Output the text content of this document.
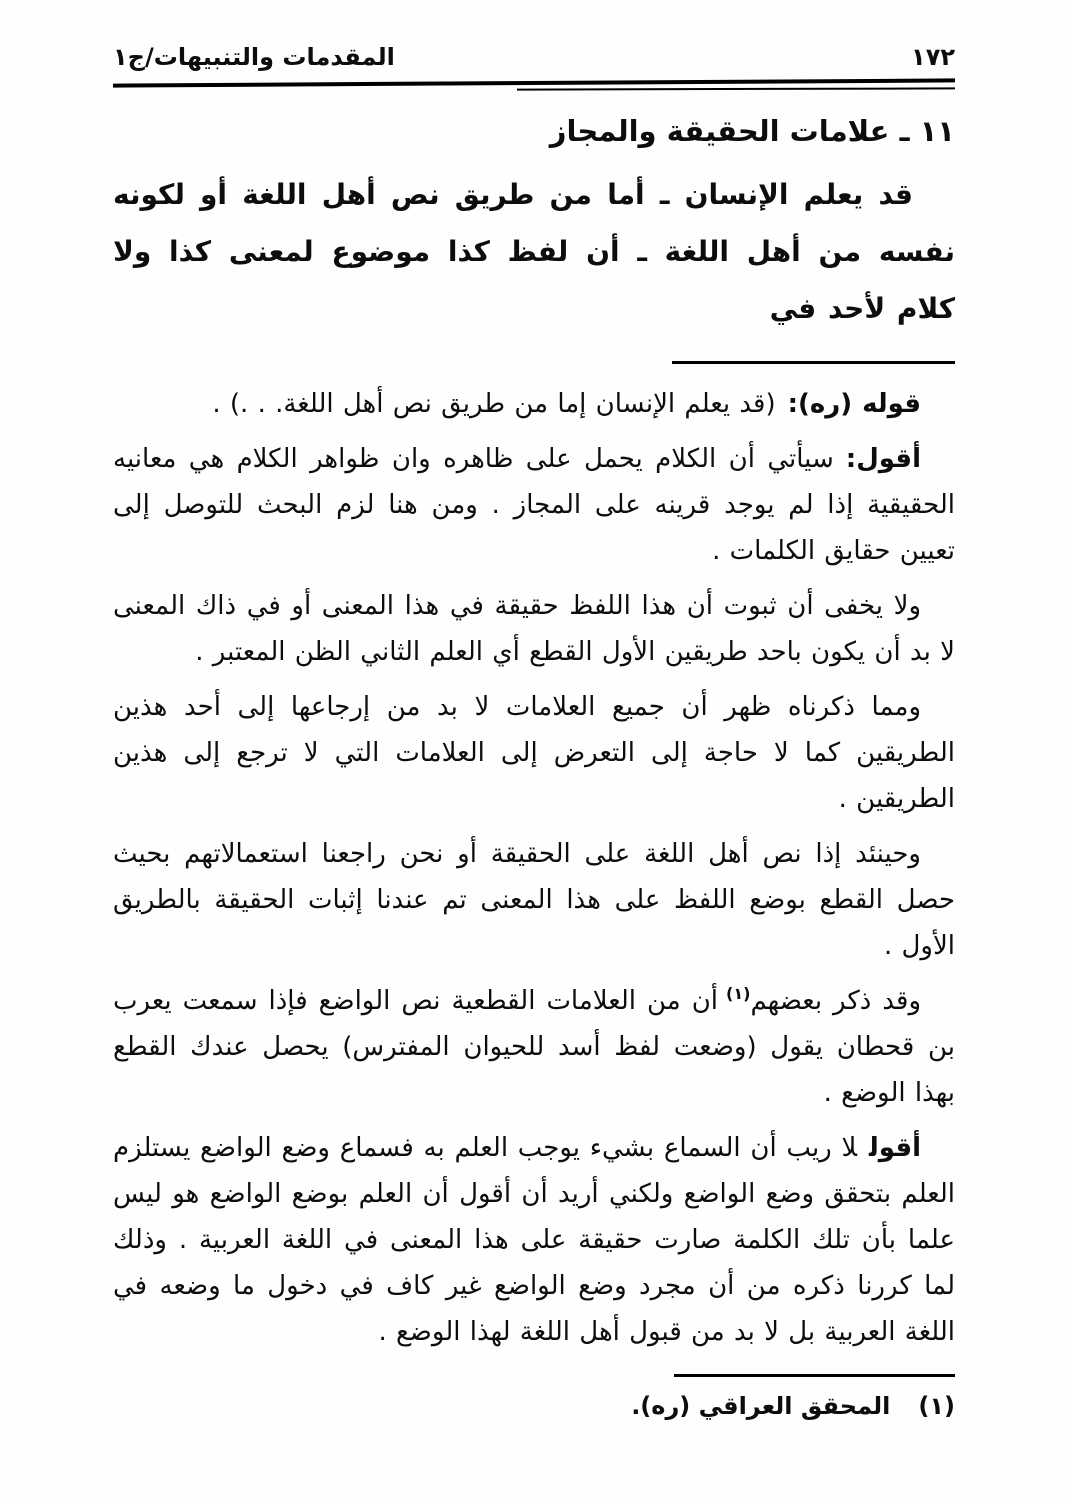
١٧٢
المقدمات والتنبيهات/ج١
١١ ـ علامات الحقيقة والمجاز

قد يعلم الإنسان ـ أما من طريق نص أهل اللغة أو لكونه نفسه من أهل اللغة ـ أن لفظ كذا موضوع لمعنى كذا ولا كلام لأحد في

قوله (ره):(قد يعلم الإنسان إما من طريق نص أهل اللغة. . .) .

أقول:سيأتي أن الكلام يحمل على ظاهره وان ظواهر الكلام هي معانيه الحقيقية إذا لم يوجد قرينه على المجاز . ومن هنا لزم البحث للتوصل إلى تعيين حقايق الكلمات .

ولا يخفى أن ثبوت أن هذا اللفظ حقيقة في هذا المعنى أو في ذاك المعنى لا بد أن يكون باحد طريقين الأول القطع أي العلم الثاني الظن المعتبر .

ومما ذكرناه ظهر أن جميع العلامات لا بد من إرجاعها إلى أحد هذين الطريقين كما لا حاجة إلى التعرض إلى العلامات التي لا ترجع إلى هذين الطريقين .

وحينئد إذا نص أهل اللغة على الحقيقة أو نحن راجعنا استعمالاتهم بحيث حصل القطع بوضع اللفظ على هذا المعنى تم عندنا إثبات الحقيقة بالطريق الأول .

وقد ذكر بعضهم$^{(١)}$أن من العلامات القطعية نص الواضع فإذا سمعت يعرب بن قحطان يقول (وضعت لفظ أسد للحيوان المفترس) يحصل عندك القطع بهذا الوضع .

أقوللا ريب أن السماع بشيء يوجب العلم به فسماع وضع الواضع يستلزم العلم بتحقق وضع الواضع ولكني أريد أن أقول أن العلم بوضع الواضع هو ليس علما بأن تلك الكلمة صارت حقيقة على هذا المعنى في اللغة العربية . وذلك لما كررنا ذكره من أن مجرد وضع الواضع غير كاف في دخول ما وضعه في اللغة العربية بل لا بد من قبول أهل اللغة لهذا الوضع .

(١)
المحقق العراقي (ره).
